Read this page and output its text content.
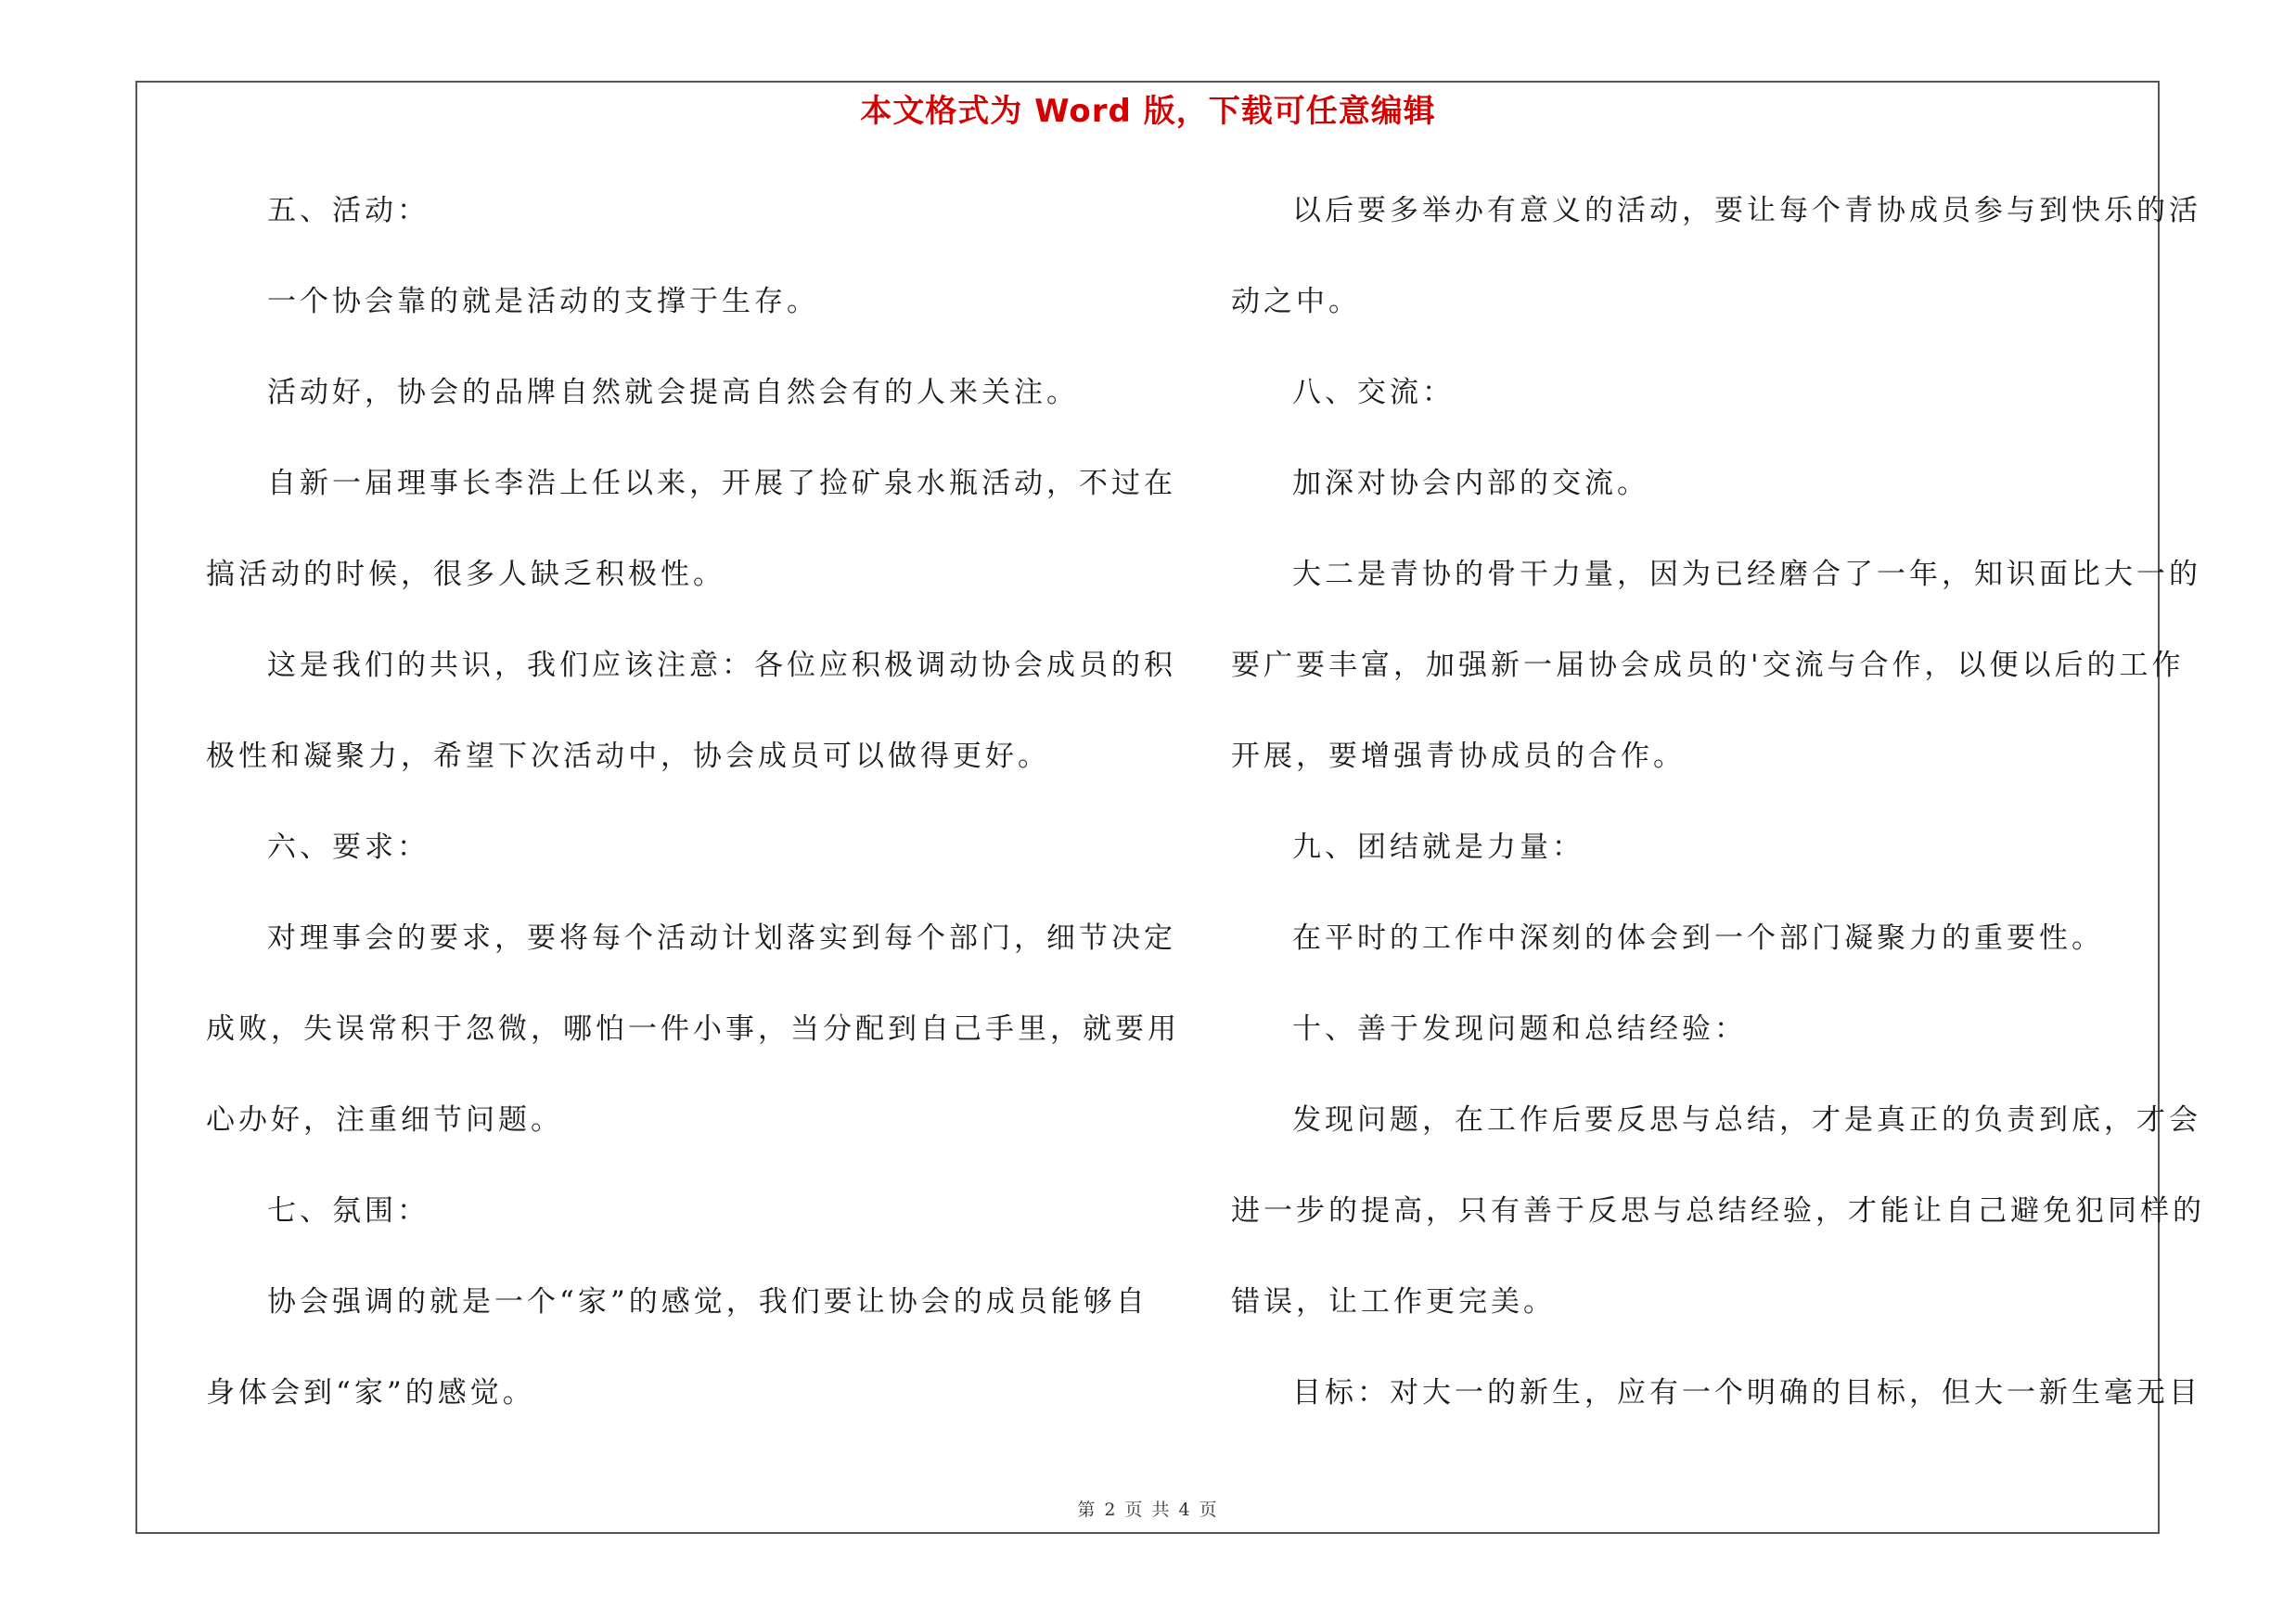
本文格式为 Word 版，下载可任意编辑
五、活动：
一个协会靠的就是活动的支撑于生存。
活动好，协会的品牌自然就会提高自然会有的人来关注。
自新一届理事长李浩上任以来，开展了捡矿泉水瓶活动，不过在
搞活动的时候，很多人缺乏积极性。
这是我们的共识，我们应该注意：各位应积极调动协会成员的积
极性和凝聚力，希望下次活动中，协会成员可以做得更好。
六、要求：
对理事会的要求，要将每个活动计划落实到每个部门，细节决定
成败，失误常积于忽微，哪怕一件小事，当分配到自己手里，就要用
心办好，注重细节问题。
七、氛围：
协会强调的就是一个“家”的感觉，我们要让协会的成员能够自
身体会到“家”的感觉。
以后要多举办有意义的活动，要让每个青协成员参与到快乐的活
动之中。
八、交流：
加深对协会内部的交流。
大二是青协的骨干力量，因为已经磨合了一年，知识面比大一的
要广要丰富，加强新一届协会成员的'交流与合作，以便以后的工作
开展，要增强青协成员的合作。
九、团结就是力量：
在平时的工作中深刻的体会到一个部门凝聚力的重要性。
十、善于发现问题和总结经验：
发现问题，在工作后要反思与总结，才是真正的负责到底，才会
进一步的提高，只有善于反思与总结经验，才能让自己避免犯同样的
错误，让工作更完美。
目标：对大一的新生，应有一个明确的目标，但大一新生毫无目
第 2 页 共 4 页
